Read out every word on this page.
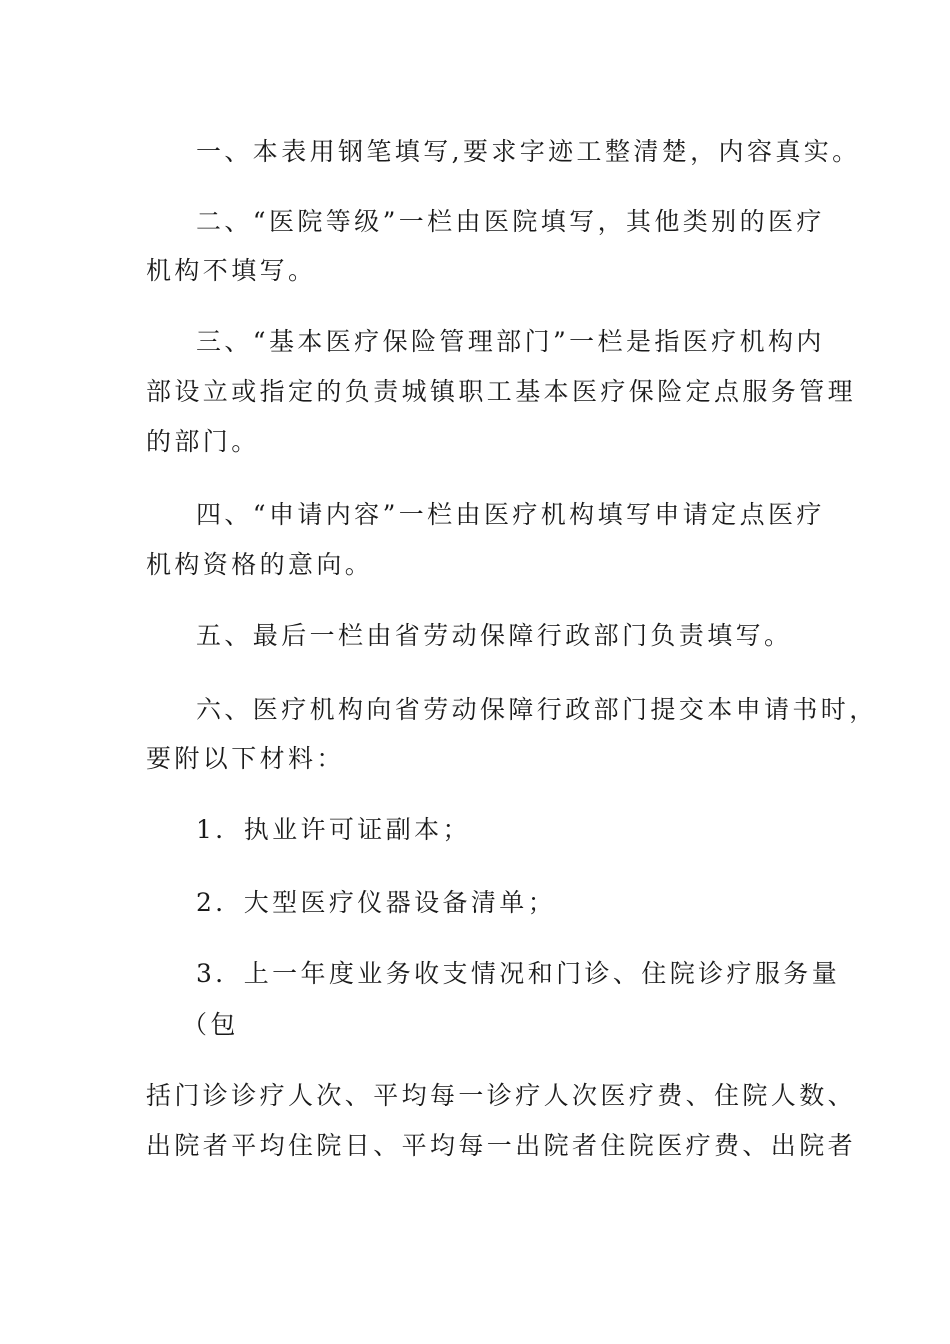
一、本表用钢笔填写,要求字迹工整清楚，内容真实。
二、“医院等级”一栏由医院填写，其他类别的医疗
机构不填写。
三、“基本医疗保险管理部门”一栏是指医疗机构内
部设立或指定的负责城镇职工基本医疗保险定点服务管理
的部门。
四、“申请内容”一栏由医疗机构填写申请定点医疗
机构资格的意向。
五、最后一栏由省劳动保障行政部门负责填写。
六、医疗机构向省劳动保障行政部门提交本申请书时，
要附以下材料：
1．执业许可证副本；
2．大型医疗仪器设备清单；
3．上一年度业务收支情况和门诊、住院诊疗服务量
（包
括门诊诊疗人次、平均每一诊疗人次医疗费、住院人数、
出院者平均住院日、平均每一出院者住院医疗费、出院者
